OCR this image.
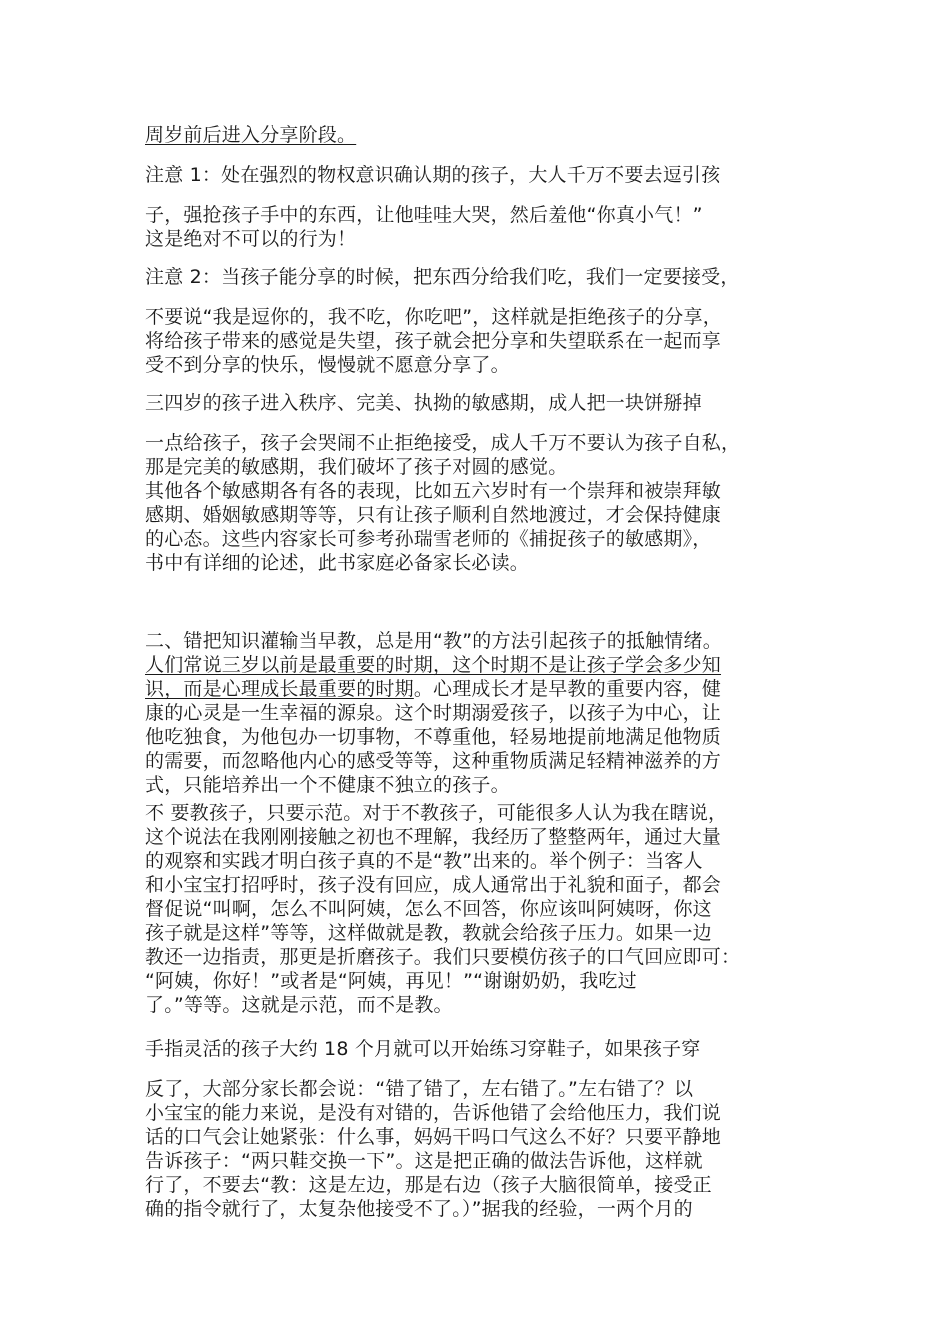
周岁前后进入分享阶段。
注意 1：处在强烈的物权意识确认期的孩子，大人千万不要去逗引孩
子，强抢孩子手中的东西，让他哇哇大哭，然后羞他“你真小气！”
这是绝对不可以的行为！
注意 2：当孩子能分享的时候，把东西分给我们吃，我们一定要接受，
不要说“我是逗你的，我不吃，你吃吧”，这样就是拒绝孩子的分享，
将给孩子带来的感觉是失望，孩子就会把分享和失望联系在一起而享
受不到分享的快乐，慢慢就不愿意分享了。
三四岁的孩子进入秩序、完美、执拗的敏感期，成人把一块饼掰掉
一点给孩子，孩子会哭闹不止拒绝接受，成人千万不要认为孩子自私，
那是完美的敏感期，我们破坏了孩子对圆的感觉。
其他各个敏感期各有各的表现，比如五六岁时有一个崇拜和被崇拜敏
感期、婚姻敏感期等等，只有让孩子顺利自然地渡过，才会保持健康
的心态。这些内容家长可参考孙瑞雪老师的《捕捉孩子的敏感期》，
书中有详细的论述，此书家庭必备家长必读。
二、错把知识灌输当早教，总是用“教”的方法引起孩子的抵触情绪。
人们常说三岁以前是最重要的时期，这个时期不是让孩子学会多少知
识，而是心理成长最重要的时期。心理成长才是早教的重要内容，健
康的心灵是一生幸福的源泉。这个时期溺爱孩子，以孩子为中心，让
他吃独食，为他包办一切事物，不尊重他，轻易地提前地满足他物质
的需要，而忽略他内心的感受等等，这种重物质满足轻精神滋养的方
式，只能培养出一个不健康不独立的孩子。
不 要教孩子，只要示范。对于不教孩子，可能很多人认为我在瞎说，
这个说法在我刚刚接触之初也不理解，我经历了整整两年，通过大量
的观察和实践才明白孩子真的不是“教”出来的。举个例子：当客人
和小宝宝打招呼时，孩子没有回应，成人通常出于礼貌和面子，都会
督促说“叫啊，怎么不叫阿姨，怎么不回答，你应该叫阿姨呀，你这
孩子就是这样”等等，这样做就是教，教就会给孩子压力。如果一边
教还一边指责，那更是折磨孩子。我们只要模仿孩子的口气回应即可：
“阿姨，你好！”或者是“阿姨，再见！”“谢谢奶奶，我吃过
了。”等等。这就是示范，而不是教。
手指灵活的孩子大约 18 个月就可以开始练习穿鞋子，如果孩子穿
反了，大部分家长都会说：“错了错了，左右错了。”左右错了？以
小宝宝的能力来说，是没有对错的，告诉他错了会给他压力，我们说
话的口气会让她紧张：什么事，妈妈干吗口气这么不好？只要平静地
告诉孩子：“两只鞋交换一下”。这是把正确的做法告诉他，这样就
行了，不要去“教：这是左边，那是右边（孩子大脑很简单，接受正
确的指令就行了，太复杂他接受不了。）”据我的经验，一两个月的
